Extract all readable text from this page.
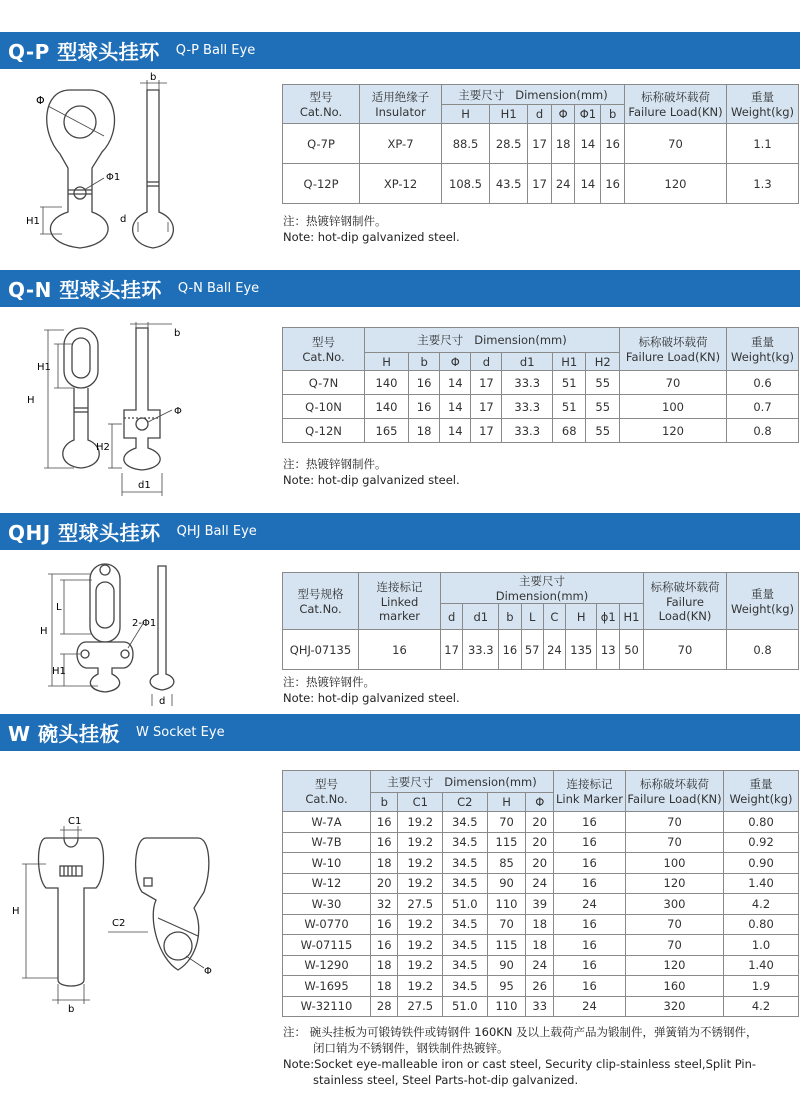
Q-P 型球头挂环 Q-P Ball Eye
b
Φ
Φ1
H1	d
型号
Cat.No.	适用绝缘子
Insulator	主要尺寸 Dimension(mm)						标称破坏载荷
Failure Load(KN)	重量
Weight(kg)
		H	H1	d	Φ	Φ1	b		
Q-7P	XP-7	88.5	28.5	17	18	14	16	70	1.1
Q-12P	XP-12	108.5	43.5	17	24	14	16	120	1.3
注：热镀锌钢制件。
Note: hot-dip galvanized steel.
Q-N 型球头挂环 Q-N Ball Eye
b
Φ
H
H1
H2
d1
型号
Cat.No.	主要尺寸 Dimension(mm)							标称破坏载荷
Failure Load(KN)	重量
Weight(kg)
	H	b	Φ	d	d1	H1	H2		
Q-7N	140	16	14	17	33.3	51	55	70	0.6
Q-10N	140	16	14	17	33.3	51	55	100	0.7
Q-12N	165	18	14	17	33.3	68	55	120	0.8
注：热镀锌钢制件。
Note: hot-dip galvanized steel.
QHJ 型球头挂环 QHJ Ball Eye
L
H
H1
2-Φ1
d
型号规格
Cat.No.	连接标记
Linked
marker	主要尺寸
Dimension(mm)								标称破坏载荷
Failure
Load(KN)	重量
Weight(kg)
		d	d1	b	L	C	H	ϕ1	H1		
QHJ-07135	16	17	33.3	16	57	24	135	13	50	70	0.8
注：热镀锌钢件。
Note: hot-dip galvanized steel.
W 碗头挂板 W Socket Eye
C1
C2
H
b
Φ
型号
Cat.No.	主要尺寸 Dimension(mm)					连接标记
Link Marker	标称破坏载荷
Failure Load(KN)	重量
Weight(kg)
	b	C1	C2	H	Φ			
W-7A	16	19.2	34.5	70	20	16	70	0.80
W-7B	16	19.2	34.5	115	20	16	70	0.92
W-10	18	19.2	34.5	85	20	16	100	0.90
W-12	20	19.2	34.5	90	24	16	120	1.40
W-30	32	27.5	51.0	110	39	24	300	4.2
W-0770	16	19.2	34.5	70	18	16	70	0.80
W-07115	16	19.2	34.5	115	18	16	70	1.0
W-1290	18	19.2	34.5	90	24	16	120	1.40
W-1695	18	19.2	34.5	95	26	16	160	1.9
W-32110	28	27.5	51.0	110	33	24	320	4.2
注： 碗头挂板为可锻铸铁件或铸钢件 160KN 及以上载荷产品为锻制件，弹簧销为不锈钢件，
闭口销为不锈钢件，钢铁制件热镀锌。
Note:Socket eye-malleable iron or cast steel, Security clip-stainless steel,Split Pin-
stainless steel, Steel Parts-hot-dip galvanized.
